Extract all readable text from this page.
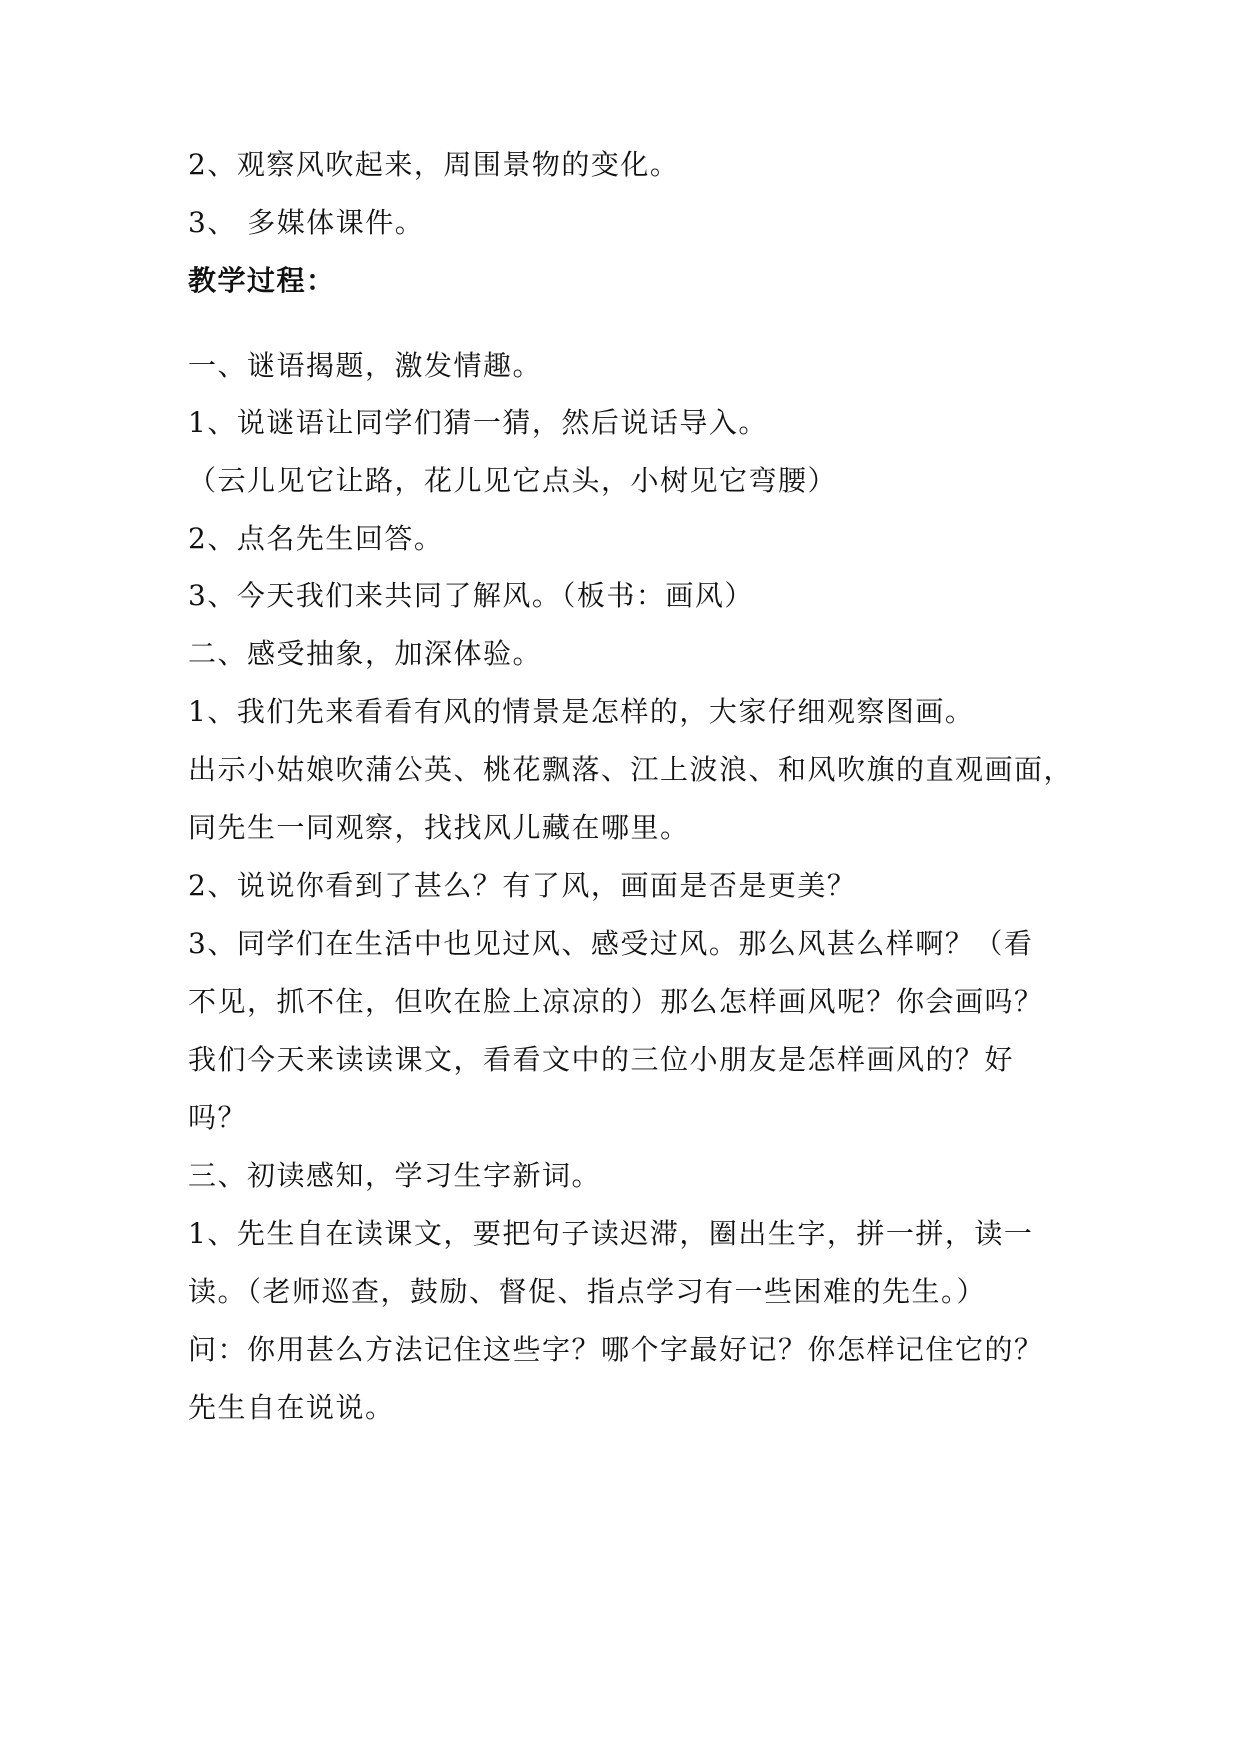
2、观察风吹起来，周围景物的变化。
3、 多媒体课件。
教学过程：
一、谜语揭题，激发情趣。
1、说谜语让同学们猜一猜，然后说话导入。
（云儿见它让路，花儿见它点头，小树见它弯腰）
2、点名先生回答。
3、今天我们来共同了解风。（板书：画风）
二、感受抽象，加深体验。
1、我们先来看看有风的情景是怎样的，大家仔细观察图画。
出示小姑娘吹蒲公英、桃花飘落、江上波浪、和风吹旗的直观画面，
同先生一同观察，找找风儿藏在哪里。
2、说说你看到了甚么？有了风，画面是否是更美？
3、同学们在生活中也见过风、感受过风。那么风甚么样啊？（看
不见，抓不住，但吹在脸上凉凉的）那么怎样画风呢？你会画吗？
我们今天来读读课文，看看文中的三位小朋友是怎样画风的？好
吗？
三、初读感知，学习生字新词。
1、先生自在读课文，要把句子读迟滞，圈出生字，拼一拼，读一
读。（老师巡查，鼓励、督促、指点学习有一些困难的先生。）
问：你用甚么方法记住这些字？哪个字最好记？你怎样记住它的？
先生自在说说。
